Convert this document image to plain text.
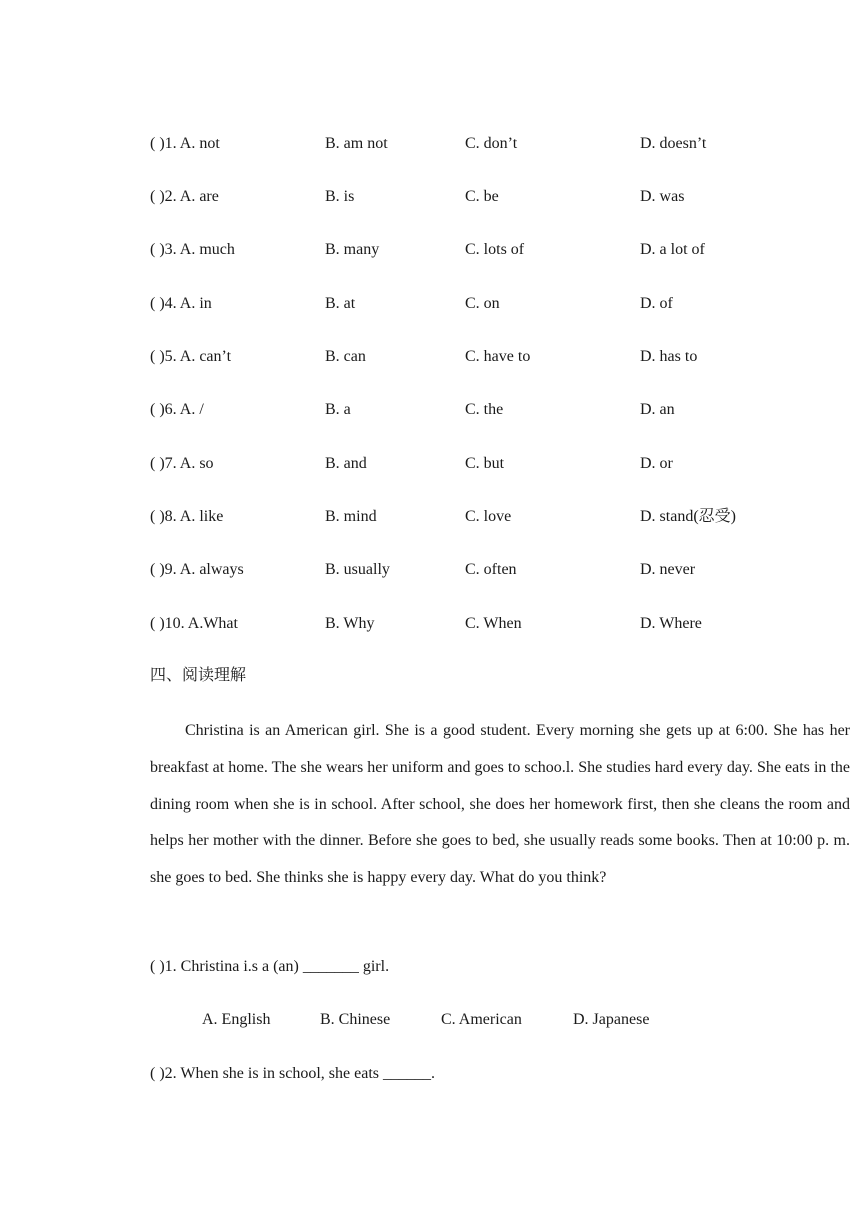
( )1. A. not	B. am not	C. don’t	D. doesn’t
( )2. A. are	B. is	C. be	D. was
( )3. A. much	B. many	C. lots of	D. a lot of
( )4. A. in	B. at	C. on	D. of
( )5. A. can’t	B. can	C. have to	D. has to
( )6. A. /	B. a	C. the	D. an
( )7. A. so	B. and	C. but	D. or
( )8. A. like	B. mind	C. love	D. stand(忍受)
( )9. A. always	B. usually	C. often	D. never
( )10. A.What	B. Why	C. When	D. Where
四、阅读理解

Christina is an American girl. She is a good student. Every morning she gets up at 6:00. She has her breakfast at home. The she wears her uniform and goes to schoo.l. She studies hard every day. She eats in the dining room when she is in school. After school, she does her homework first, then she cleans the room and helps her mother with the dinner. Before she goes to bed, she usually reads some books. Then at 10:00 p. m. she goes to bed. She thinks she is happy every day. What do you think?

( )1. Christina i.s a (an) _______ girl.
A. English	B. Chinese	C. American	D. Japanese
( )2. When she is in school, she eats ______.
